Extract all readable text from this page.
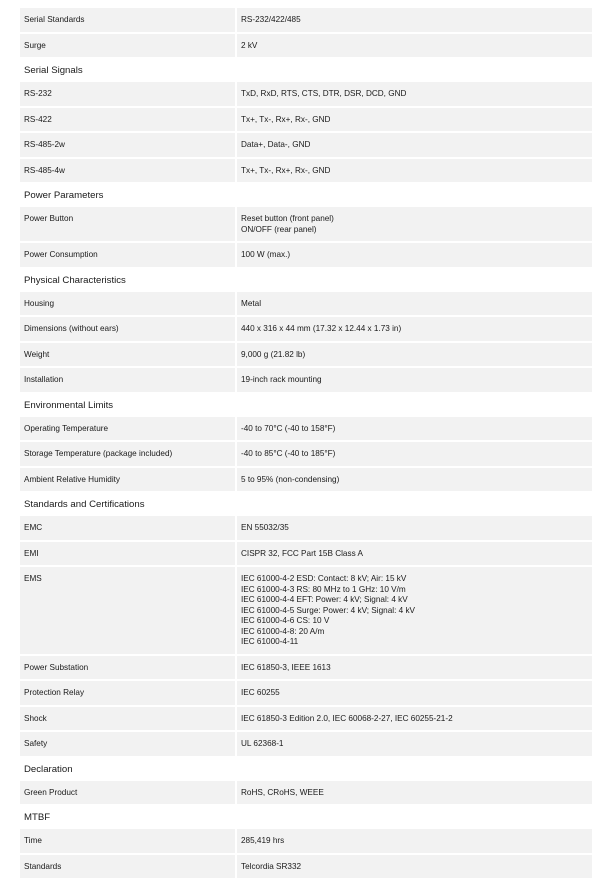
Serial Standards	RS-232/422/485
Surge	2 kV
Serial Signals
RS-232	TxD, RxD, RTS, CTS, DTR, DSR, DCD, GND
RS-422	Tx+, Tx-, Rx+, Rx-, GND
RS-485-2w	Data+, Data-, GND
RS-485-4w	Tx+, Tx-, Rx+, Rx-, GND
Power Parameters
Power Button	Reset button (front panel)
ON/OFF (rear panel)
Power Consumption	100 W (max.)
Physical Characteristics
Housing	Metal
Dimensions (without ears)	440 x 316 x 44 mm (17.32 x 12.44 x 1.73 in)
Weight	9,000 g (21.82 lb)
Installation	19-inch rack mounting
Environmental Limits
Operating Temperature	-40 to 70°C (-40 to 158°F)
Storage Temperature (package included)	-40 to 85°C (-40 to 185°F)
Ambient Relative Humidity	5 to 95% (non-condensing)
Standards and Certifications
EMC	EN 55032/35
EMI	CISPR 32, FCC Part 15B Class A
EMS	IEC 61000-4-2 ESD: Contact: 8 kV; Air: 15 kV
IEC 61000-4-3 RS: 80 MHz to 1 GHz: 10 V/m
IEC 61000-4-4 EFT: Power: 4 kV; Signal: 4 kV
IEC 61000-4-5 Surge: Power: 4 kV; Signal: 4 kV
IEC 61000-4-6 CS: 10 V
IEC 61000-4-8: 20 A/m
IEC 61000-4-11
Power Substation	IEC 61850-3, IEEE 1613
Protection Relay	IEC 60255
Shock	IEC 61850-3 Edition 2.0, IEC 60068-2-27, IEC 60255-21-2
Safety	UL 62368-1
Declaration
Green Product	RoHS, CRoHS, WEEE
MTBF
Time	285,419 hrs
Standards	Telcordia SR332
